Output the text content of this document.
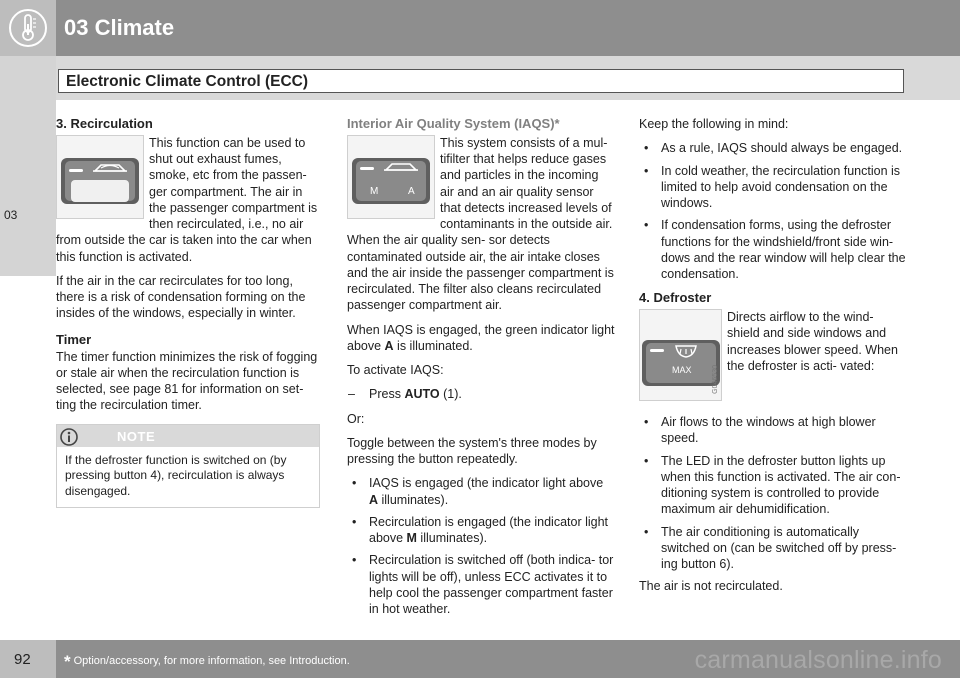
03 Climate
Electronic Climate Control (ECC)
03
3. Recirculation

This function can be used to shut out exhaust fumes, smoke, etc from the passen- ger compartment. The air in the passenger compartment is then recirculated, i.e., no air from outside the car is taken into the car when this function is activated.

If the air in the car recirculates for too long, there is a risk of condensation forming on the insides of the windows, especially in winter.

Timer

The timer function minimizes the risk of fogging or stale air when the recirculation function is selected, see page 81 for information on set- ting the recirculation timer.

NOTE
If the defroster function is switched on (by pressing button 4), recirculation is always disengaged.
Interior Air Quality System (IAQS)*
M	A

This system consists of a mul- tifilter that helps reduce gases and particles in the incoming air and an air quality sensor that detects increased levels of contaminants in the outside air. When the air quality sen- sor detects contaminated outside air, the air intake closes and the air inside the passenger compartment is recirculated. The filter also cleans recirculated passenger compartment air.

When IAQS is engaged, the green indicator light above A is illuminated.

To activate IAQS:

– Press AUTO (1).

Or:

Toggle between the system's three modes by pressing the button repeatedly.

• IAQS is engaged (the indicator light above A illuminates).
• Recirculation is engaged (the indicator light above M illuminates).
• Recirculation is switched off (both indica- tor lights will be off), unless ECC activates it to help cool the passenger compartment faster in hot weather.

Keep the following in mind:

• As a rule, IAQS should always be engaged.
• In cold weather, the recirculation function is limited to help avoid condensation on the windows.
• If condensation forms, using the defroster functions for the windshield/front side win- dows and the rear window will help clear the condensation.
4. Defroster
MAX	G046530

Directs airflow to the wind- shield and side windows and increases blower speed. When the defroster is acti- vated:

• Air flows to the windows at high blower speed.
• The LED in the defroster button lights up when this function is activated. The air con- ditioning system is controlled to provide maximum air dehumidification.
• The air conditioning is automatically switched on (can be switched off by press- ing button 6).

The air is not recirculated.

92 * Option/accessory, for more information, see Introduction.	carmanualsonline.info
